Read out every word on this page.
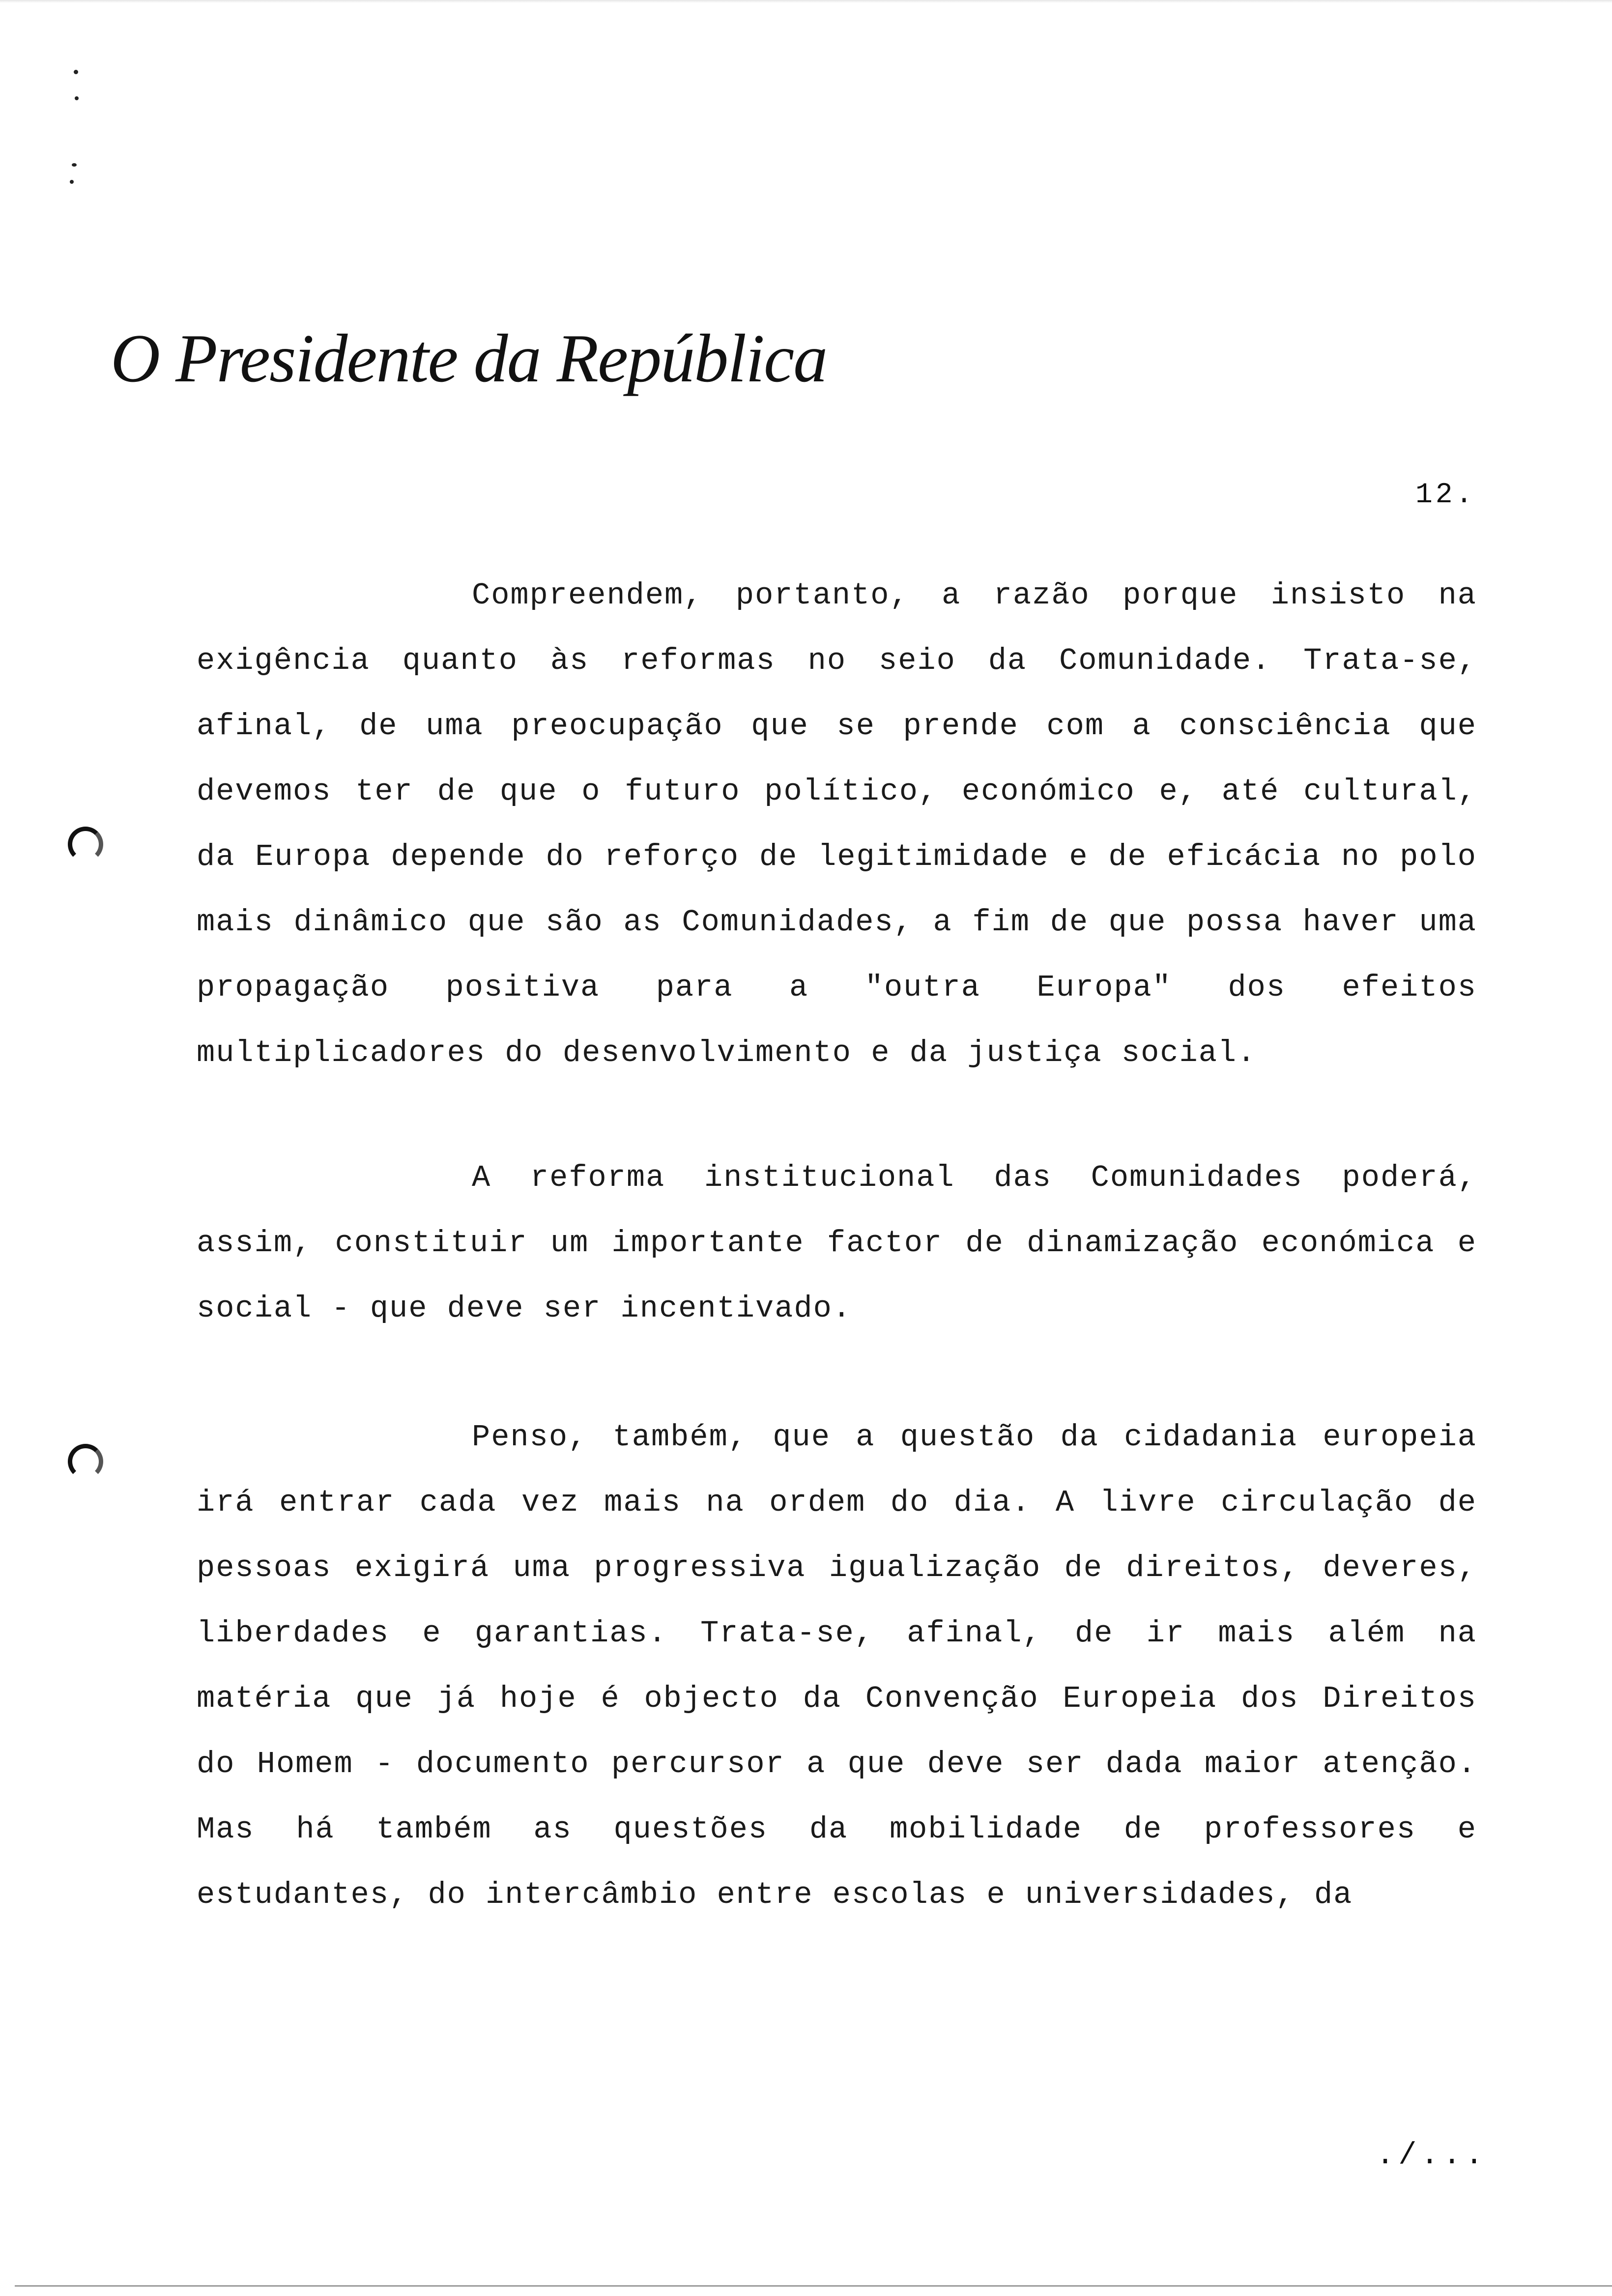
O Presidente da República
12.
Compreendem, portanto, a razão porque insisto na exigência quanto às reformas no seio da Comunidade. Trata-se, afinal, de uma preocupação que se prende com a consciência que devemos ter de que o futuro político, económico e, até cultural, da Europa depende do reforço de legitimidade e de eficácia no polo mais dinâmico que são as Comunidades, a fim de que possa haver uma propagação positiva para a "outra Europa" dos efeitos multiplicadores do desenvolvimento e da justiça social.
A reforma institucional das Comunidades poderá, assim, constituir um importante factor de dinamização económica e social - que deve ser incentivado.
Penso, também, que a questão da cidadania europeia irá entrar cada vez mais na ordem do dia. A livre circulação de pessoas exigirá uma progressiva igualização de direitos, deveres, liberdades e garantias. Trata-se, afinal, de ir mais além na matéria que já hoje é objecto da Convenção Europeia dos Direitos do Homem - documento percursor a que deve ser dada maior atenção. Mas há também as questões da mobilidade de professores e estudantes, do intercâmbio entre escolas e universidades, da
./...
